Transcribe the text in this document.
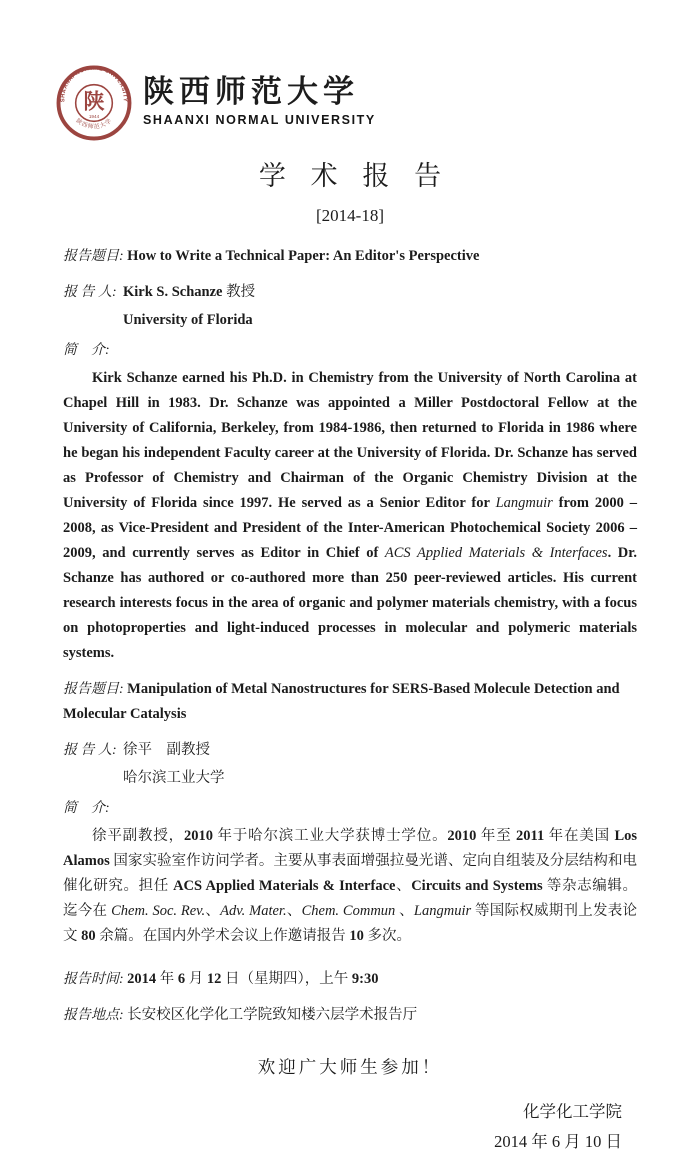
SHAANXI NORMAL UNIVERSITY
陕西师范大学
陕
1944
陕西师范大学
SHAANXI NORMAL UNIVERSITY
学 术 报 告
[2014-18]

报告题目: How to Write a Technical Paper: An Editor's Perspective

报 告 人: Kirk S. Schanze 教授

University of Florida

简　介:

Kirk Schanze earned his Ph.D. in Chemistry from the University of North Carolina at Chapel Hill in 1983. Dr. Schanze was appointed a Miller Postdoctoral Fellow at the University of California, Berkeley, from 1984-1986, then returned to Florida in 1986 where he began his independent Faculty career at the University of Florida. Dr. Schanze has served as Professor of Chemistry and Chairman of the Organic Chemistry Division at the University of Florida since 1997. He served as a Senior Editor for Langmuir from 2000 – 2008, as Vice-President and President of the Inter-American Photochemical Society 2006 – 2009, and currently serves as Editor in Chief of ACS Applied Materials & Interfaces. Dr. Schanze has authored or co-authored more than 250 peer-reviewed articles. His current research interests focus in the area of organic and polymer materials chemistry, with a focus on photoproperties and light-induced processes in molecular and polymeric materials systems.

报告题目: Manipulation of Metal Nanostructures for SERS-Based Molecule Detection and Molecular Catalysis

报 告 人: 徐平　副教授

哈尔滨工业大学

简　介:

徐平副教授，2010 年于哈尔滨工业大学获博士学位。2010 年至 2011 年在美国 Los Alamos 国家实验室作访问学者。主要从事表面增强拉曼光谱、定向自组装及分层结构和电催化研究。担任 ACS Applied Materials & Interface、Circuits and Systems 等杂志编辑。迄今在 Chem. Soc. Rev.、Adv. Mater.、Chem. Commun 、Langmuir 等国际权威期刊上发表论文 80 余篇。在国内外学术会议上作邀请报告 10 多次。

报告时间: 2014 年 6 月 12 日（星期四），上午 9:30

报告地点: 长安校区化学化工学院致知楼六层学术报告厅

欢迎广大师生参加！

化学化工学院
2014 年 6 月 10 日
